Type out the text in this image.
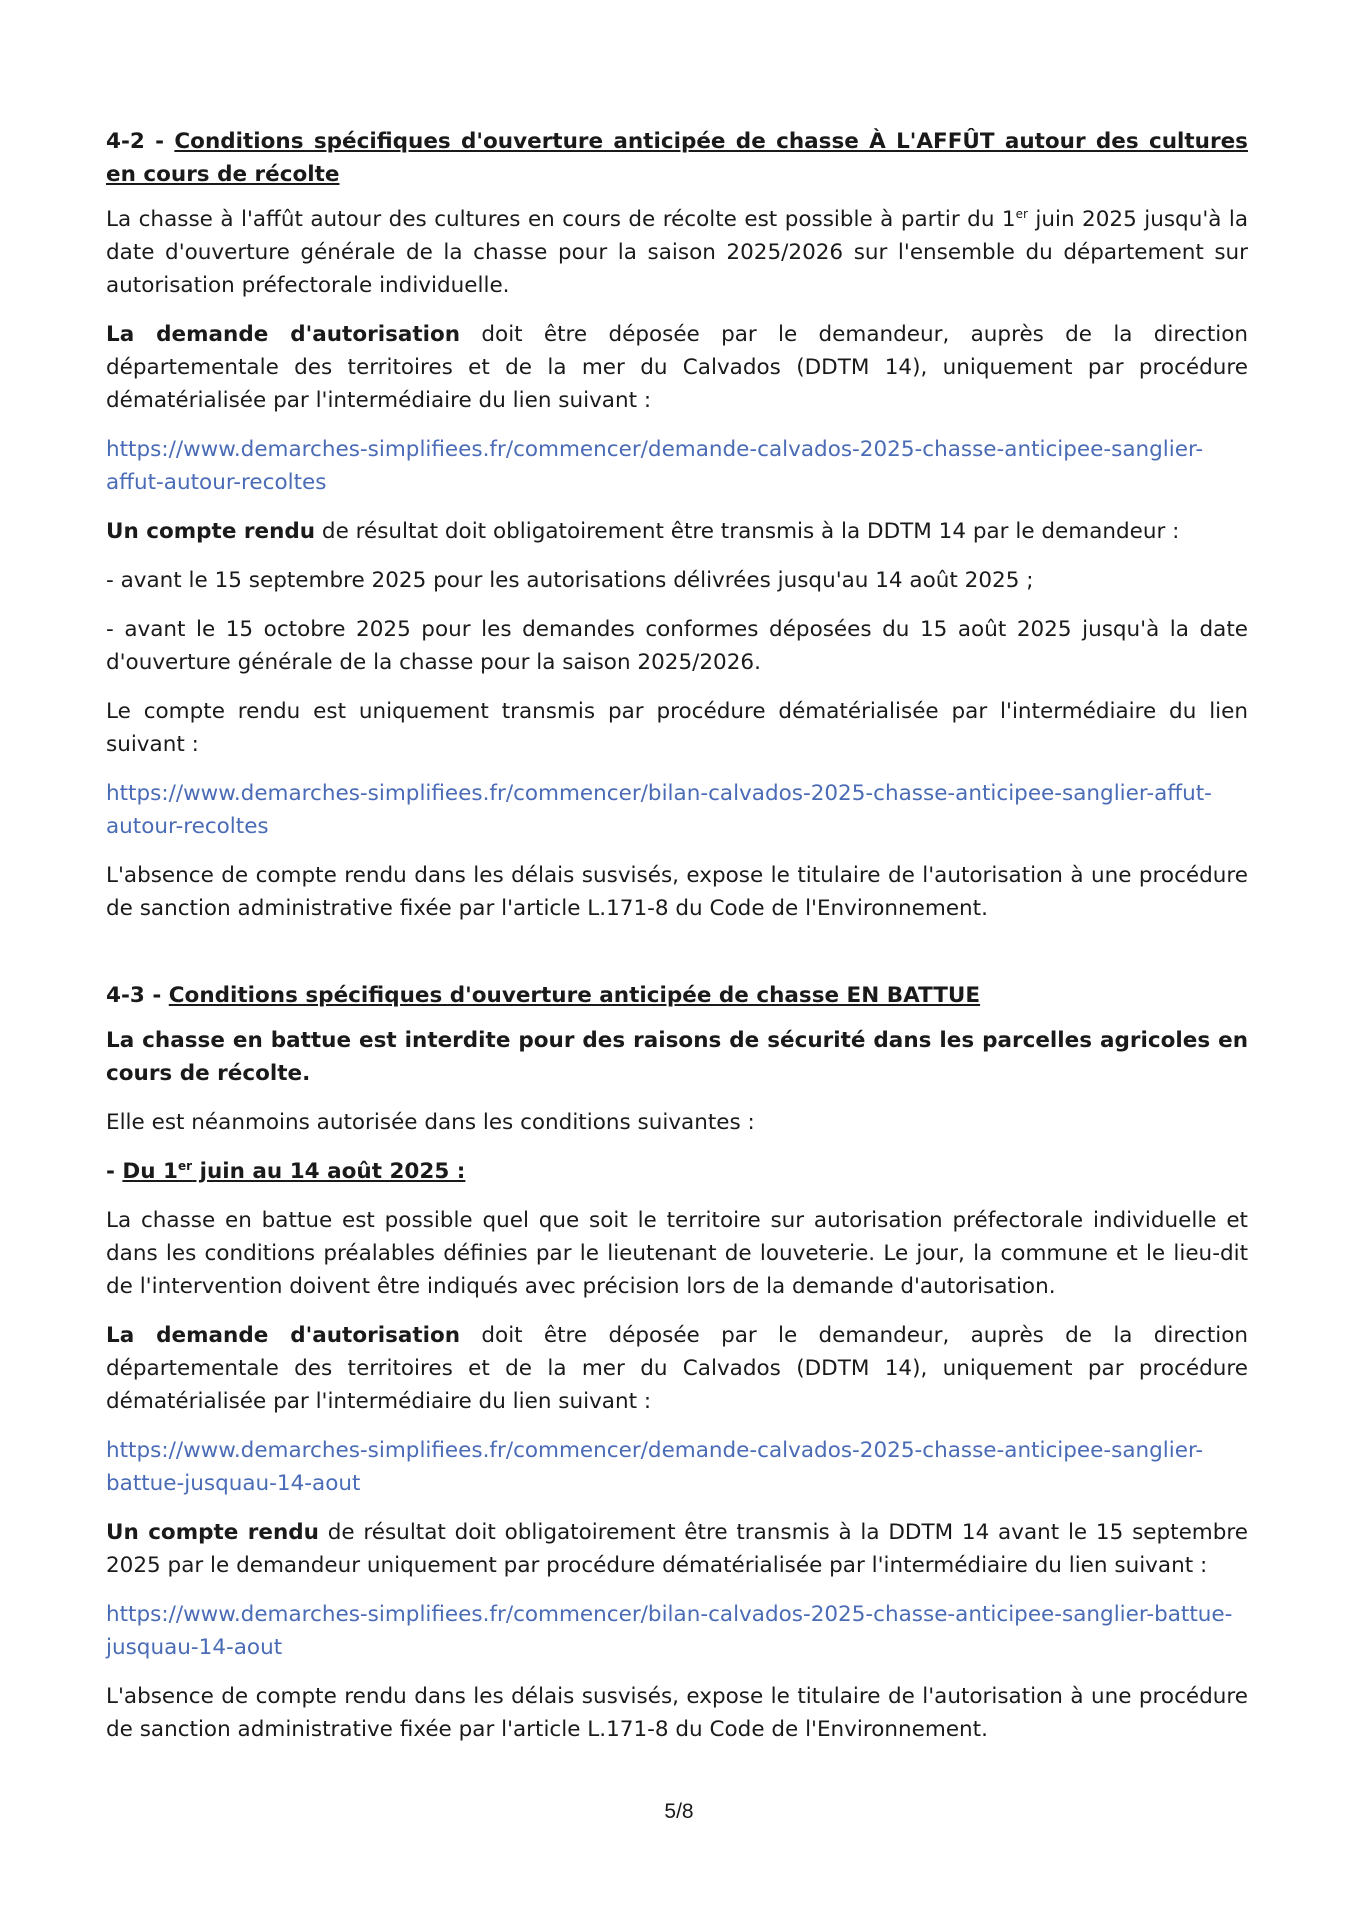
4-2 - Conditions spécifiques d'ouverture anticipée de chasse À L'AFFÛT autour des cultures en cours de récolte

La chasse à l'affût autour des cultures en cours de récolte est possible à partir du 1er juin 2025 jusqu'à la date d'ouverture générale de la chasse pour la saison 2025/2026 sur l'ensemble du département sur autorisation préfectorale individuelle.

La demande d'autorisation doit être déposée par le demandeur, auprès de la direction départementale des territoires et de la mer du Calvados (DDTM 14), uniquement par procédure dématérialisée par l'intermédiaire du lien suivant :

https://www.demarches-simplifiees.fr/commencer/demande-calvados-2025-chasse-anticipee-sanglier-affut-autour-recoltes

Un compte rendu de résultat doit obligatoirement être transmis à la DDTM 14 par le demandeur :

- avant le 15 septembre 2025 pour les autorisations délivrées jusqu'au 14 août 2025 ;

- avant le 15 octobre 2025 pour les demandes conformes déposées du 15 août 2025 jusqu'à la date d'ouverture générale de la chasse pour la saison 2025/2026.

Le compte rendu est uniquement transmis par procédure dématérialisée par l'intermédiaire du lien suivant :

https://www.demarches-simplifiees.fr/commencer/bilan-calvados-2025-chasse-anticipee-sanglier-affut-autour-recoltes

L'absence de compte rendu dans les délais susvisés, expose le titulaire de l'autorisation à une procédure de sanction administrative fixée par l'article L.171-8 du Code de l'Environnement.

4-3 - Conditions spécifiques d'ouverture anticipée de chasse EN BATTUE

La chasse en battue est interdite pour des raisons de sécurité dans les parcelles agricoles en cours de récolte.

Elle est néanmoins autorisée dans les conditions suivantes :

- Du 1er juin au 14 août 2025 :

La chasse en battue est possible quel que soit le territoire sur autorisation préfectorale individuelle et dans les conditions préalables définies par le lieutenant de louveterie. Le jour, la commune et le lieu-dit de l'intervention doivent être indiqués avec précision lors de la demande d'autorisation.

La demande d'autorisation doit être déposée par le demandeur, auprès de la direction départementale des territoires et de la mer du Calvados (DDTM 14), uniquement par procédure dématérialisée par l'intermédiaire du lien suivant :

https://www.demarches-simplifiees.fr/commencer/demande-calvados-2025-chasse-anticipee-sanglier-battue-jusquau-14-aout

Un compte rendu de résultat doit obligatoirement être transmis à la DDTM 14 avant le 15 septembre 2025 par le demandeur uniquement par procédure dématérialisée par l'intermédiaire du lien suivant :

https://www.demarches-simplifiees.fr/commencer/bilan-calvados-2025-chasse-anticipee-sanglier-battue-jusquau-14-aout

L'absence de compte rendu dans les délais susvisés, expose le titulaire de l'autorisation à une procédure de sanction administrative fixée par l'article L.171-8 du Code de l'Environnement.

5/8
